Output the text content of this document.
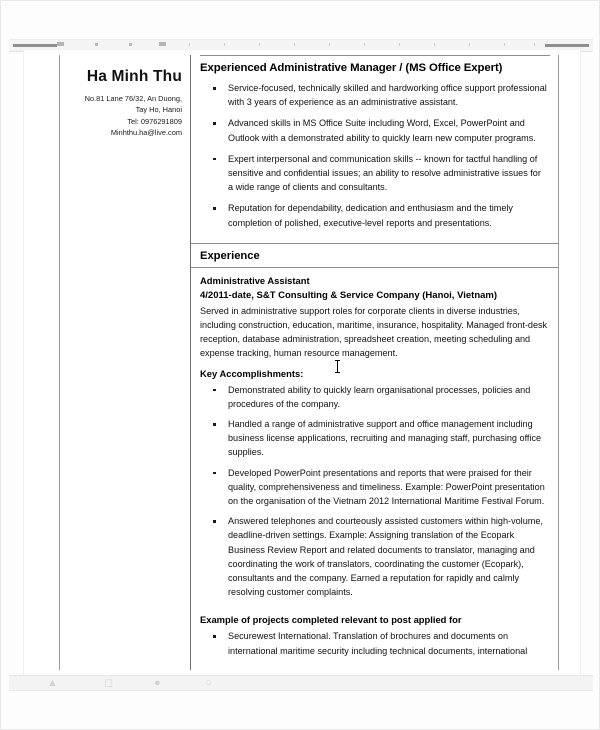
Ha Minh Thu
No.81 Lane 76/32, An Duong,
Tay Ho, Hanoi
Tel: 0976291809
Minhthu.ha@live.com

Experienced Administrative Manager / (MS Office Expert)
Service-focused, technically skilled and hardworking office support professional with 3 years of experience as an administrative assistant.
Advanced skills in MS Office Suite including Word, Excel, PowerPoint and Outlook with a demonstrated ability to quickly learn new computer programs.
Expert interpersonal and communication skills -- known for tactful handling of sensitive and confidential issues; an ability to resolve administrative issues for a wide range of clients and consultants.
Reputation for dependability, dedication and enthusiasm and the timely completion of polished, executive-level reports and presentations.

Experience
Administrative Assistant
4/2011-date, S&T Consulting & Service Company (Hanoi, Vietnam)
Served in administrative support roles for corporate clients in diverse industries, including construction, education, maritime, insurance, hospitality. Managed front-desk reception, database administration, spreadsheet creation, meeting scheduling and expense tracking, human resource management.
Key Accomplishments:
Demonstrated ability to quickly learn organisational processes, policies and procedures of the company.
Handled a range of administrative support and office management including business license applications, recruiting and managing staff, purchasing office supplies.
Developed PowerPoint presentations and reports that were praised for their quality, comprehensiveness and timeliness. Example: PowerPoint presentation on the organisation of the Vietnam 2012 International Maritime Festival Forum.
Answered telephones and courteously assisted customers within high-volume, deadline-driven settings. Example: Assigning translation of the Ecopark Business Review Report and related documents to translator, managing and coordinating the work of translators, coordinating the customer (Ecopark), consultants and the company. Earned a reputation for rapidly and calmly resolving customer complaints.
Example of projects completed relevant to post applied for
Securewest International. Translation of brochures and documents on international maritime security including technical documents, international
▲	◻	●	○
